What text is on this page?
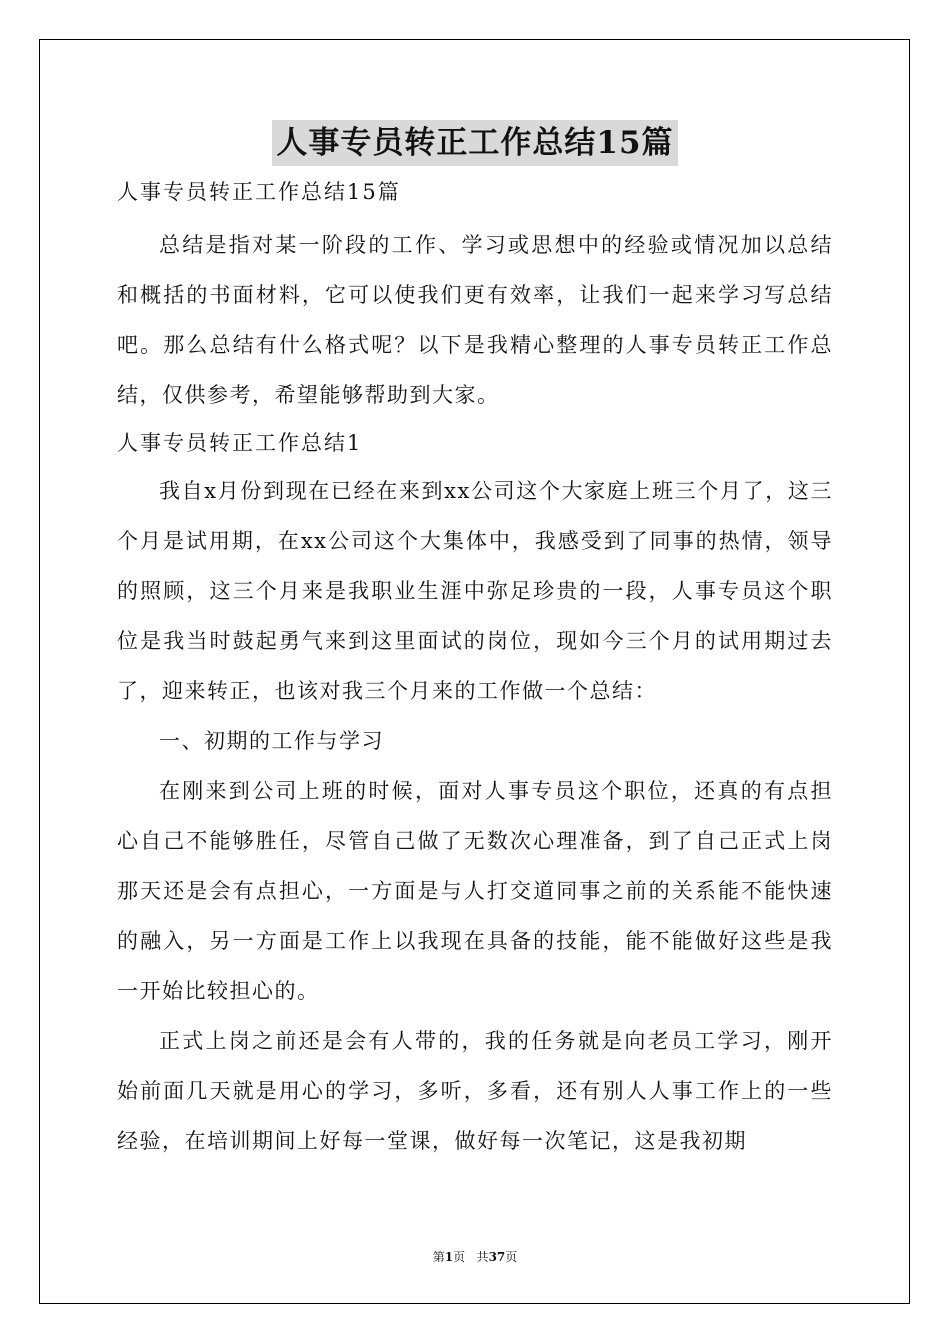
人事专员转正工作总结15篇

人事专员转正工作总结15篇

总结是指对某一阶段的工作、学习或思想中的经验或情况加以总结和概括的书面材料，它可以使我们更有效率，让我们一起来学习写总结吧。那么总结有什么格式呢？以下是我精心整理的人事专员转正工作总结，仅供参考，希望能够帮助到大家。

人事专员转正工作总结1

我自x月份到现在已经在来到xx公司这个大家庭上班三个月了，这三个月是试用期，在xx公司这个大集体中，我感受到了同事的热情，领导的照顾，这三个月来是我职业生涯中弥足珍贵的一段，人事专员这个职位是我当时鼓起勇气来到这里面试的岗位，现如今三个月的试用期过去了，迎来转正，也该对我三个月来的工作做一个总结：

一、初期的工作与学习

在刚来到公司上班的时候，面对人事专员这个职位，还真的有点担心自己不能够胜任，尽管自己做了无数次心理准备，到了自己正式上岗那天还是会有点担心，一方面是与人打交道同事之前的关系能不能快速的融入，另一方面是工作上以我现在具备的技能，能不能做好这些是我一开始比较担心的。

正式上岗之前还是会有人带的，我的任务就是向老员工学习，刚开始前面几天就是用心的学习，多听，多看，还有别人人事工作上的一些经验，在培训期间上好每一堂课，做好每一次笔记，这是我初期

第1页 共37页
